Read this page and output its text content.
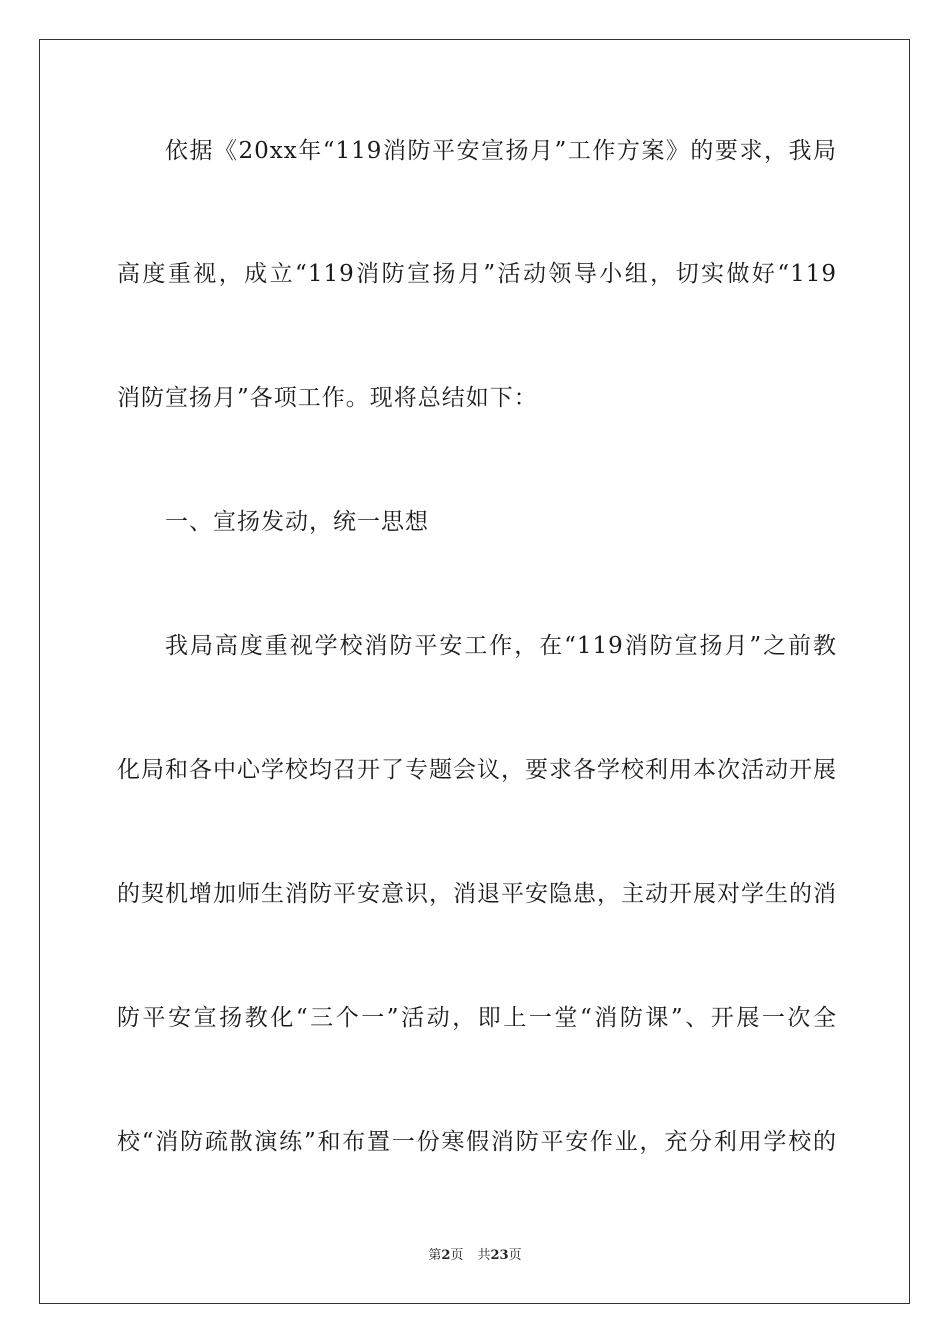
依据《20xx年“119消防平安宣扬月”工作方案》的要求，我局
高度重视，成立“119消防宣扬月”活动领导小组，切实做好“119
消防宣扬月”各项工作。现将总结如下：
一、宣扬发动，统一思想
我局高度重视学校消防平安工作，在“119消防宣扬月”之前教
化局和各中心学校均召开了专题会议，要求各学校利用本次活动开展
的契机增加师生消防平安意识，消退平安隐患，主动开展对学生的消
防平安宣扬教化“三个一”活动，即上一堂“消防课”、开展一次全
校“消防疏散演练”和布置一份寒假消防平安作业，充分利用学校的
第2页 共23页
